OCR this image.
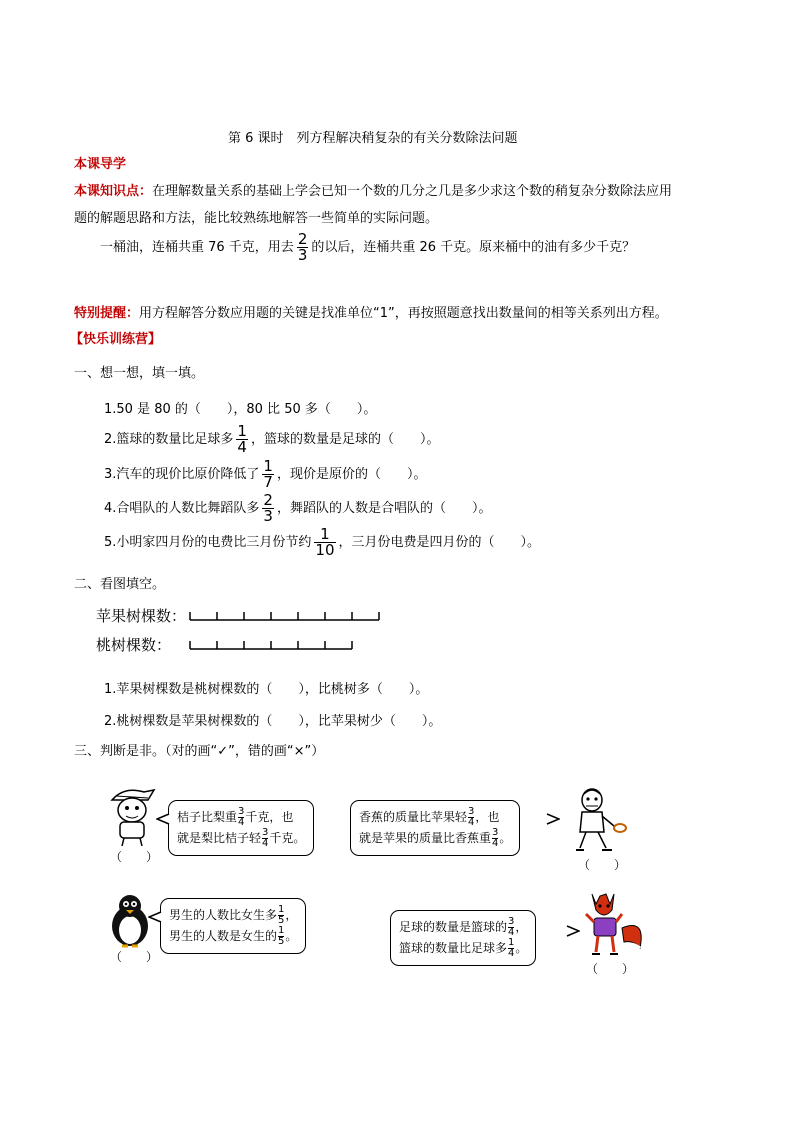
第 6 课时　列方程解决稍复杂的有关分数除法问题
本课导学
本课知识点：在理解数量关系的基础上学会已知一个数的几分之几是多少求这个数的稍复杂分数除法应用
题的解题思路和方法，能比较熟练地解答一些简单的实际问题。
一桶油，连桶共重 76 千克，用去 $\frac{2}{3}$ 的以后，连桶共重 26 千克。原来桶中的油有多少千克？
特别提醒：用方程解答分数应用题的关键是找准单位“1”，再按照题意找出数量间的相等关系列出方程。
【快乐训练营】
一、想一想，填一填。
1.50 是 80 的（　　），80 比 50 多（　　）。
2.篮球的数量比足球多 $\frac{1}{4}$ ，篮球的数量是足球的（　　）。
3.汽车的现价比原价降低了 $\frac{1}{7}$ ，现价是原价的（　　）。
4.合唱队的人数比舞蹈队多 $\frac{2}{3}$ ，舞蹈队的人数是合唱队的（　　）。
5.小明家四月份的电费比三月份节约 $\frac{1}{10}$ ，三月份电费是四月份的（　　）。
二、看图填空。
苹果树棵数：
桃树棵数：
1.苹果树棵数是桃树棵数的（　　），比桃树多（　　）。
2.桃树棵数是苹果树棵数的（　　），比苹果树少（　　）。
三、判断是非。（对的画“✓”，错的画“×”）
（　　）
桔子比梨重 $\frac{3}{4}$ 千克，也
就是梨比桔子轻 $\frac{3}{4}$ 千克。
香蕉的质量比苹果轻 $\frac{3}{4}$ ，也
就是苹果的质量比香蕉重 $\frac{3}{4}$ 。
（　　）
（　　）
男生的人数比女生多 $\frac{1}{5}$ ，
男生的人数是女生的 $\frac{1}{5}$ 。
足球的数量是篮球的 $\frac{3}{4}$ ，
篮球的数量比足球多 $\frac{1}{4}$ 。
（　　）
